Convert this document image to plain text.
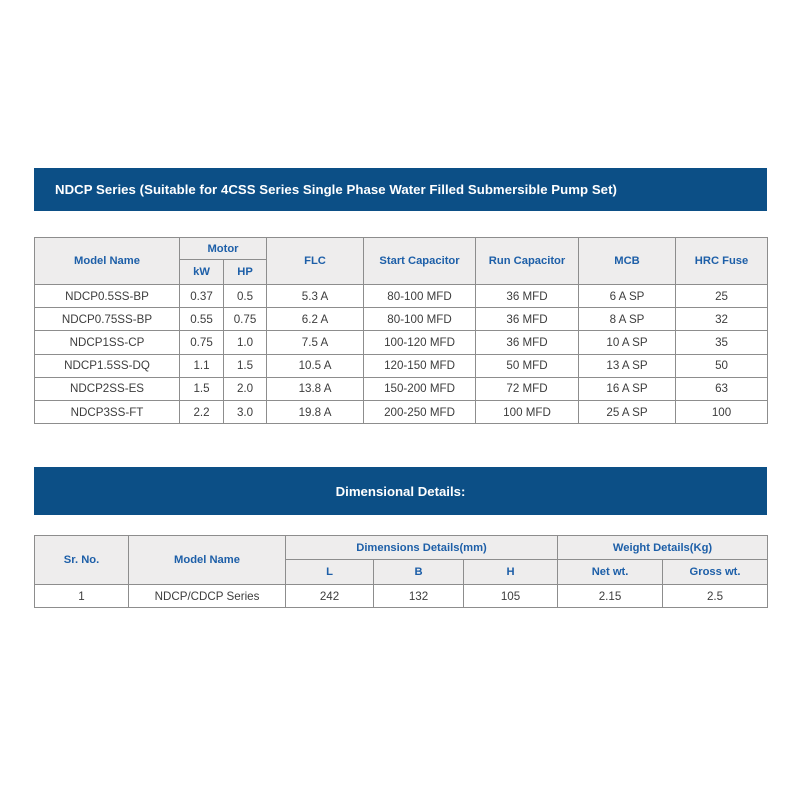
NDCP Series (Suitable for 4CSS Series Single Phase Water Filled Submersible Pump Set)
Model Name	Motor		FLC	Start Capacitor	Run Capacitor	MCB	HRC Fuse
	kW	HP					
NDCP0.5SS-BP	0.37	0.5	5.3 A	80-100 MFD	36 MFD	6 A SP	25
NDCP0.75SS-BP	0.55	0.75	6.2 A	80-100 MFD	36 MFD	8 A SP	32
NDCP1SS-CP	0.75	1.0	7.5 A	100-120 MFD	36 MFD	10 A SP	35
NDCP1.5SS-DQ	1.1	1.5	10.5 A	120-150 MFD	50 MFD	13 A SP	50
NDCP2SS-ES	1.5	2.0	13.8 A	150-200 MFD	72 MFD	16 A SP	63
NDCP3SS-FT	2.2	3.0	19.8 A	200-250 MFD	100 MFD	25 A SP	100
Dimensional Details:
Sr. No.	Model Name	Dimensions Details(mm)			Weight Details(Kg)	
		L	B	H	Net wt.	Gross wt.
1	NDCP/CDCP Series	242	132	105	2.15	2.5
